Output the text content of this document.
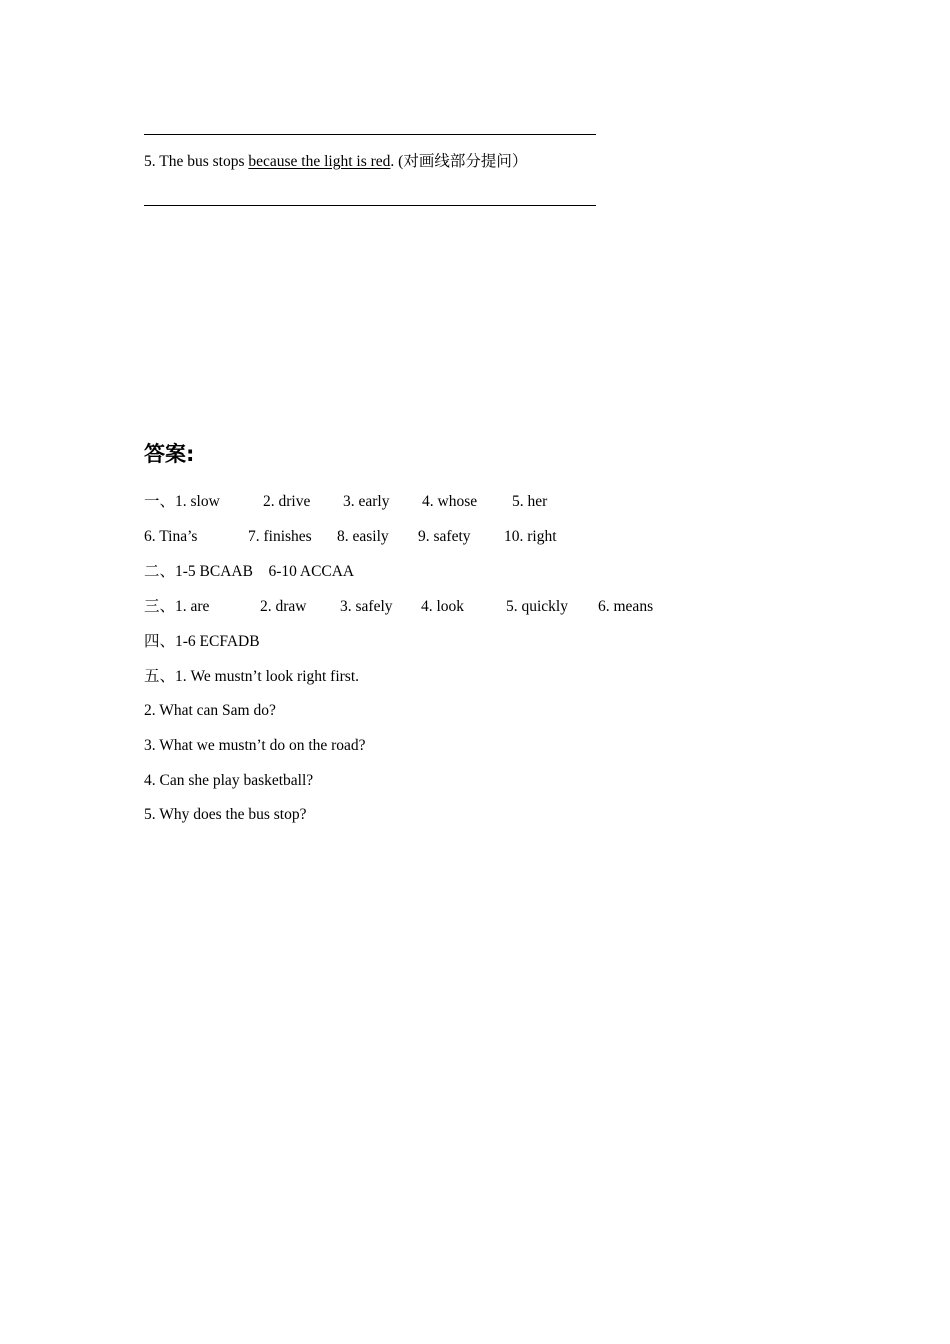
5. The bus stops because the light is red. (对画线部分提问）
答案:
一、1. slow	2. drive 3. early 4. whose 5. her
6. Tina’s	7. finishes 8. easily 9. safety 10. right
二、1-5 BCAAB    6-10 ACCAA
三、1. are	2. draw 3. safely 4. look	5. quickly 6. means
四、1-6 ECFADB
五、1. We mustn’t look right first.
2. What can Sam do?
3. What we mustn’t do on the road?
4. Can she play basketball?
5. Why does the bus stop?
